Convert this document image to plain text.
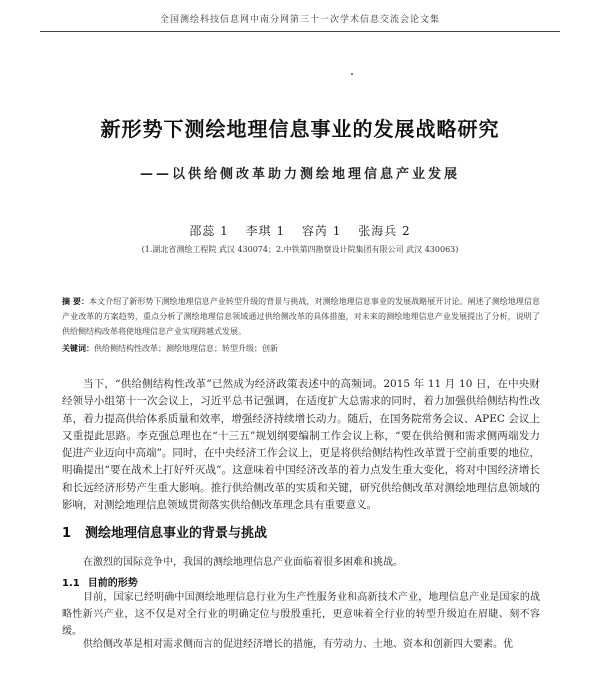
全国测绘科技信息网中南分网第三十一次学术信息交流会论文集
新形势下测绘地理信息事业的发展战略研究
——以供给侧改革助力测绘地理信息产业发展
邵蕊 1 李琪 1 容芮 1 张海兵 2
(1.湖北省测绘工程院 武汉 430074；2.中铁第四勘察设计院集团有限公司 武汉 430063)

摘 要：本文介绍了新形势下测绘地理信息产业转型升级的背景与挑战，对测绘地理信息事业的发展战略展开讨论。阐述了测绘地理信息产业改革的方案趋势，重点分析了测绘地理信息领域通过供给侧改革的具体措施，对未来的测绘地理信息产业发展提出了分析，说明了供给侧结构改革将使地理信息产业实现跨越式发展。

关键词：供给侧结构性改革；测绘地理信息；转型升级；创新

当下，“供给侧结构性改革”已然成为经济政策表述中的高频词。2015 年 11 月 10 日，在中央财经领导小组第十一次会议上，习近平总书记强调，在适度扩大总需求的同时，着力加强供给侧结构性改革，着力提高供给体系质量和效率，增强经济持续增长动力。随后，在国务院常务会议、APEC 会议上又重提此思路。李克强总理也在“十三五”规划纲要编制工作会议上称，“要在供给侧和需求侧两端发力促进产业迈向中高端”。同时，在中央经济工作会议上，更是将供给侧结构性改革置于空前重要的地位，明确提出“要在战术上打好歼灭战”。这意味着中国经济改革的着力点发生重大变化，将对中国经济增长和长远经济形势产生重大影响。推行供给侧改革的实质和关键，研究供给侧改革对测绘地理信息领域的影响，对测绘地理信息领域贯彻落实供给侧改革理念具有重要意义。

1 测绘地理信息事业的背景与挑战

在激烈的国际竞争中，我国的测绘地理信息产业面临着很多困难和挑战。

1.1 目前的形势

目前，国家已经明确中国测绘地理信息行业为生产性服务业和高新技术产业，地理信息产业是国家的战略性新兴产业，这不仅是对全行业的明确定位与殷殷重托，更意味着全行业的转型升级迫在眉睫、刻不容缓。

供给侧改革是相对需求侧而言的促进经济增长的措施，有劳动力、土地、资本和创新四大要素。优
